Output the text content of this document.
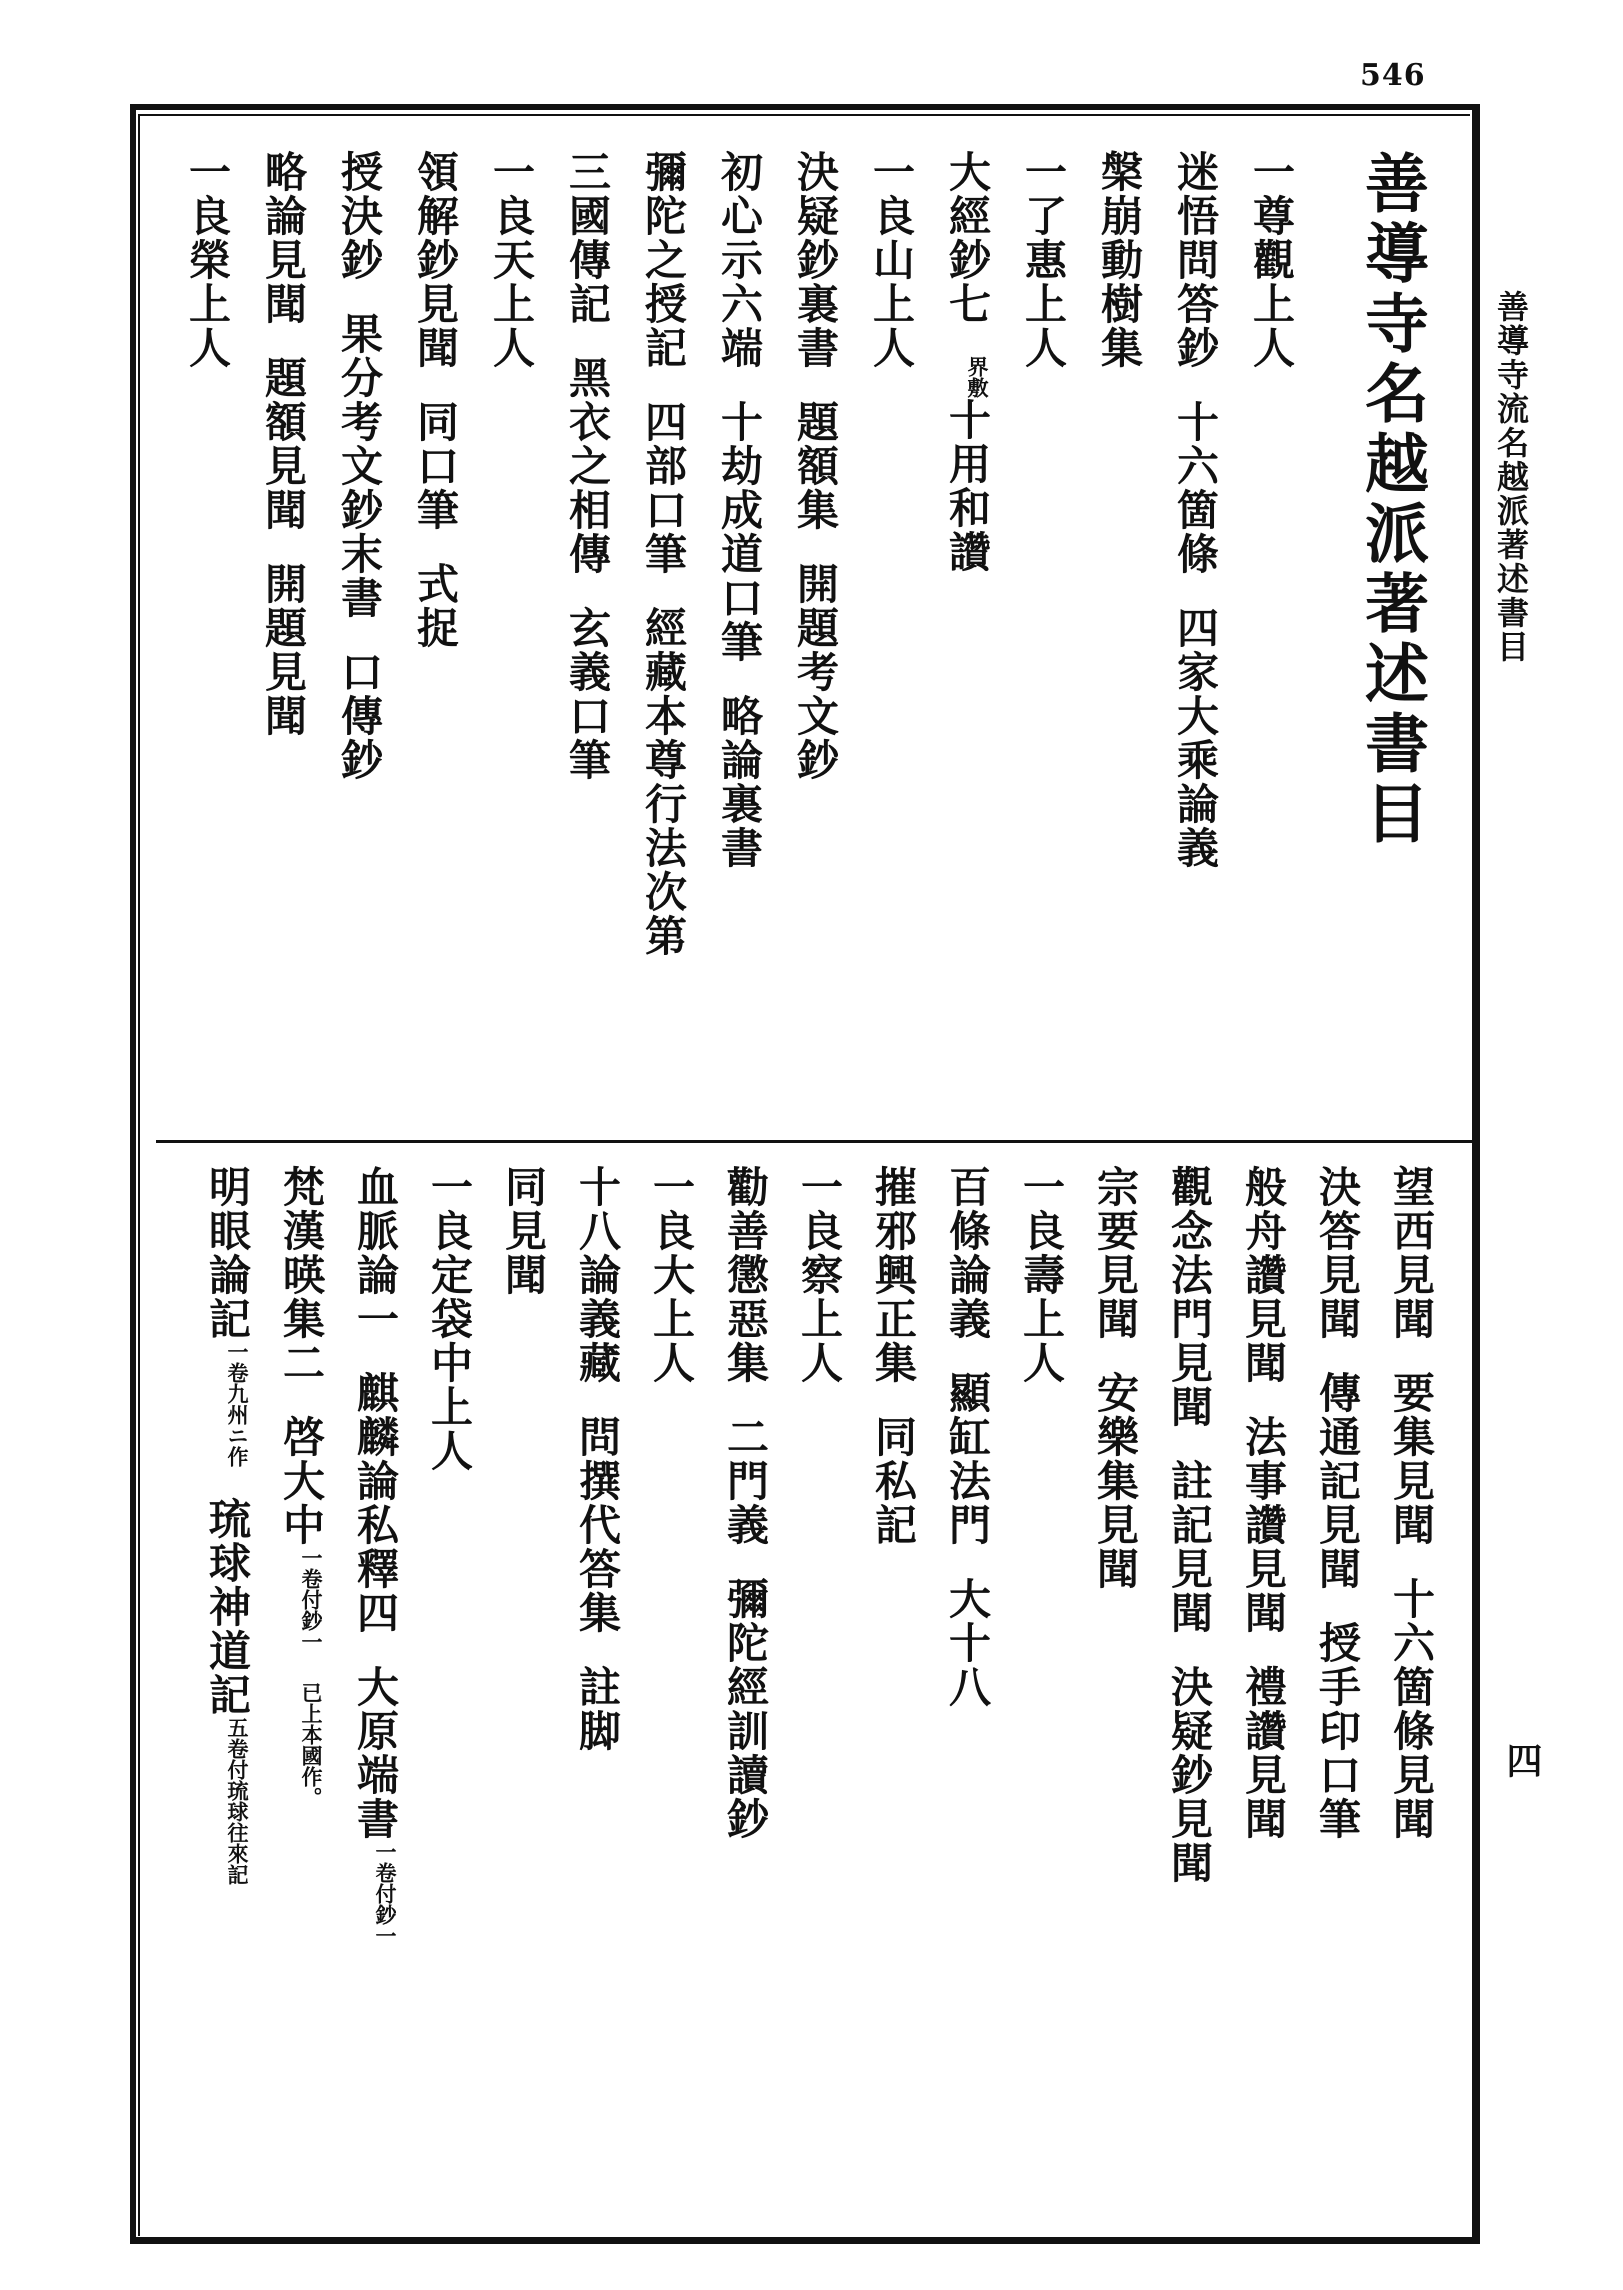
546
善導寺流名越派著述書目
四
善導寺名越派著述書目
一尊觀上人
迷悟問答鈔十六箇條四家大乘論義
槃崩動樹集
一了惠上人
大經鈔七界敷十用和讚
一良山上人
決疑鈔裏書題額集開題考文鈔
初心示六端十劫成道口筆略論裏書
彌陀之授記四部口筆經藏本尊行法次第
三國傳記黑衣之相傳玄義口筆
一良天上人
領解鈔見聞同口筆式捉
授決鈔果分考文鈔末書口傳鈔
略論見聞題額見聞開題見聞
一良榮上人
望西見聞要集見聞十六箇條見聞
決答見聞傳通記見聞授手印口筆
般舟讚見聞法事讚見聞禮讚見聞
觀念法門見聞註記見聞決疑鈔見聞
宗要見聞安樂集見聞
一良壽上人
百條論義顯缸法門大十八
摧邪興正集同私記
一良察上人
勸善懲惡集二門義彌陀經訓讀鈔
一良大上人
十八論義藏問撰代答集註脚
同見聞
一良定袋中上人
血脈論一麒麟論私釋四大原端書一卷付鈔一
梵漢暎集二啓大中一卷付鈔一已上本國作。
明眼論記一卷九州ニ作琉球神道記五卷付琉球往來記
